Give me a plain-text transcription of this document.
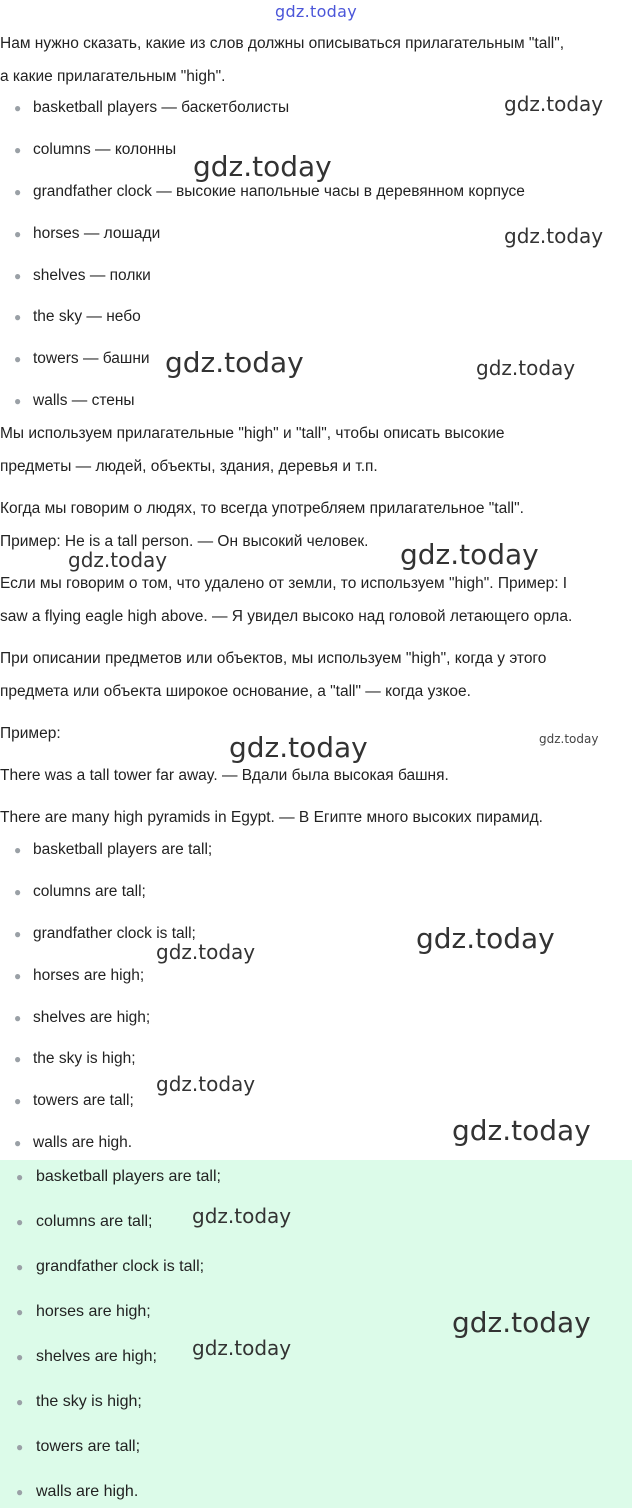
gdz.today
Нам нужно сказать, какие из слов должны описываться прилагательным "tall",
а какие прилагательным "high".
● basketball players — баскетболисты
● columns — колонны
● grandfather clock — высокие напольные часы в деревянном корпусе
● horses — лошади
● shelves — полки
● the sky — небо
● towers — башни
● walls — стены
Мы используем прилагательные "high" и "tall", чтобы описать высокие
предметы — людей, объекты, здания, деревья и т.п.
Когда мы говорим о людях, то всегда употребляем прилагательное "tall".
Пример: He is a tall person. — Он высокий человек.
Если мы говорим о том, что удалено от земли, то используем "high". Пример: I
saw a flying eagle high above. — Я увидел высоко над головой летающего орла.
При описании предметов или объектов, мы используем "high", когда у этого
предмета или объекта широкое основание, а "tall" — когда узкое.
Пример:
There was a tall tower far away. — Вдали была высокая башня.
There are many high pyramids in Egypt. — В Египте много высоких пирамид.
● basketball players are tall;
● columns are tall;
● grandfather clock is tall;
● horses are high;
● shelves are high;
● the sky is high;
● towers are tall;
● walls are high.
● basketball players are tall;
● columns are tall;
● grandfather clock is tall;
● horses are high;
● shelves are high;
● the sky is high;
● towers are tall;
● walls are high.
gdz.today
gdz.today
gdz.today
gdz.today	gdz.today
gdz.today	gdz.today
gdz.today	gdz.today
gdz.today
gdz.today
gdz.today
gdz.today
gdz.today
gdz.today
gdz.today
